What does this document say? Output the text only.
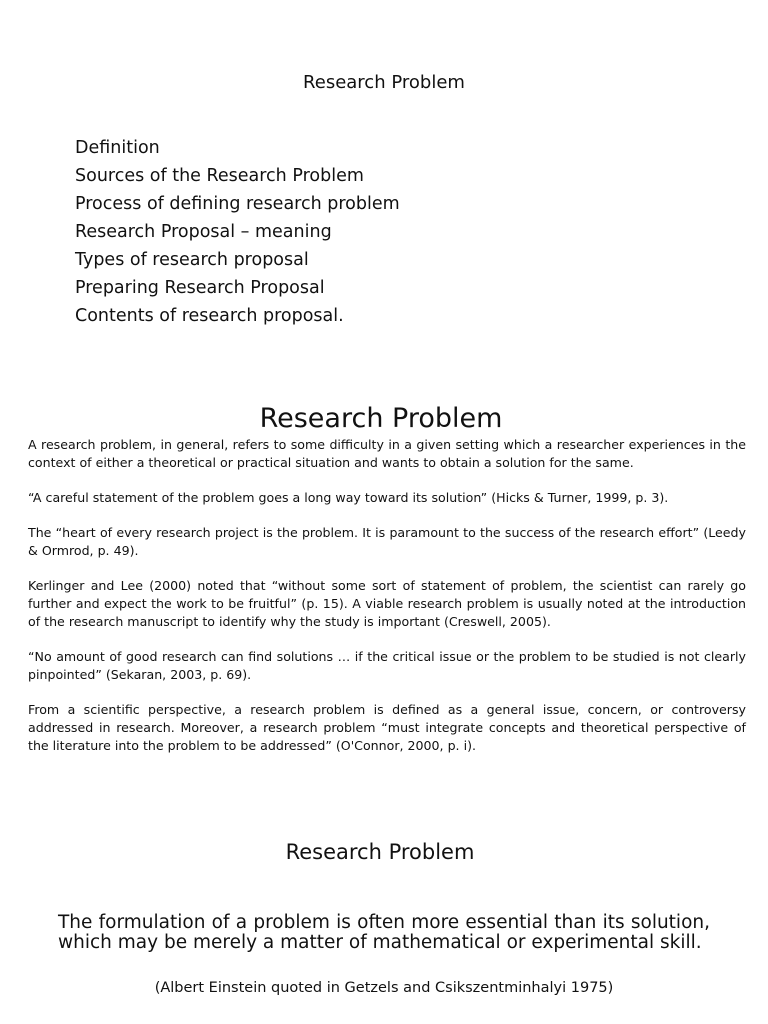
Research Problem
Definition
Sources of the Research Problem
Process of defining research problem
Research Proposal – meaning
Types of research proposal
Preparing Research Proposal
Contents of research proposal.
Research Problem

A research problem, in general, refers to some difficulty in a given setting which a researcher experiences in the context of either a theoretical or practical situation and wants to obtain a solution for the same.

“A careful statement of the problem goes a long way toward its solution” (Hicks & Turner, 1999, p. 3).

The “heart of every research project is the problem. It is paramount to the success of the research effort” (Leedy & Ormrod, p. 49).

Kerlinger and Lee (2000) noted that “without some sort of statement of problem, the scientist can rarely go further and expect the work to be fruitful” (p. 15). A viable research problem is usually noted at the introduction of the research manuscript to identify why the study is important (Creswell, 2005).

“No amount of good research can find solutions … if the critical issue or the problem to be studied is not clearly pinpointed” (Sekaran, 2003, p. 69).

From a scientific perspective, a research problem is defined as a general issue, concern, or controversy addressed in research. Moreover, a research problem “must integrate concepts and theoretical perspective of the literature into the problem to be addressed” (O'Connor, 2000, p. i).

Research Problem
The formulation of a problem is often more essential than its solution, which may be merely a matter of mathematical or experimental skill.
(Albert Einstein quoted in Getzels and Csikszentminhalyi 1975)
